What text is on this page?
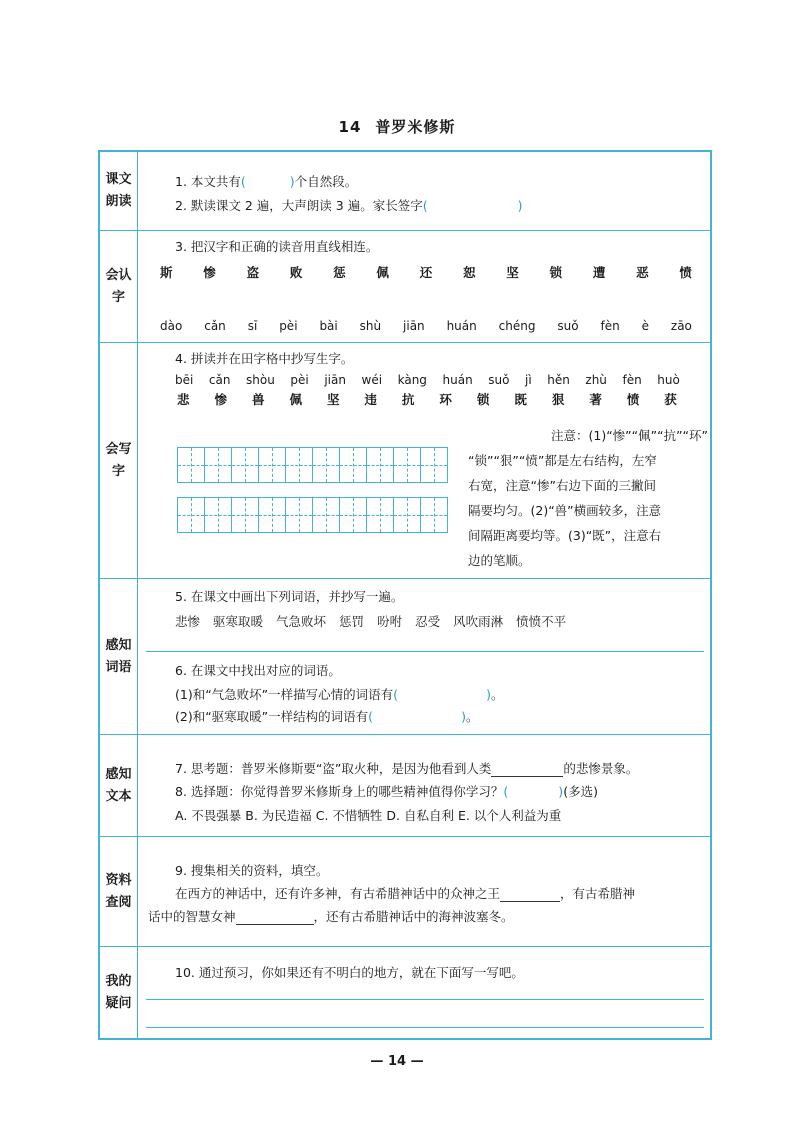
14 普罗米修斯
课文朗读
1. 本文共有(	)个自然段。
2. 默读课文 2 遍，大声朗读 3 遍。家长签字(	)
会认字
3. 把汉字和正确的读音用直线相连。
斯 惨 盗 败 惩 佩 还 恕 坚 锁 遭 恶 愤
dào cǎn sī pèi bài shù jiān huán chéng suǒ fèn è zāo
会写字
4. 拼读并在田字格中抄写生字。
bēi cǎn shòu pèi jiān wéi kàng huán suǒ jì hěn zhù fèn huò
悲 惨 兽 佩 坚 违 抗 环 锁 既 狠 著 愤 获
注意：(1)“惨”“佩”“抗”“环”
“锁”“狠”“愤”都是左右结构，左窄
右宽，注意“惨”右边下面的三撇间
隔要均匀。(2)“兽”横画较多，注意
间隔距离要均等。(3)“既”，注意右
边的笔顺。
感知词语
5. 在课文中画出下列词语，并抄写一遍。
悲惨 驱寒取暖 气急败坏 惩罚 吩咐 忍受 风吹雨淋 愤愤不平
6. 在课文中找出对应的词语。
(1)和“气急败坏”一样描写心情的词语有(	)。
(2)和“驱寒取暖”一样结构的词语有(	)。
感知文本
7. 思考题：普罗米修斯要“盗”取火种，是因为他看到人类	的悲惨景象。
8. 选择题：你觉得普罗米修斯身上的哪些精神值得你学习？(	)(多选)
A. 不畏强暴 B. 为民造福 C. 不惜牺牲 D. 自私自利 E. 以个人利益为重
资料查阅
9. 搜集相关的资料，填空。
在西方的神话中，还有许多神，有古希腊神话中的众神之王	，有古希腊神
话中的智慧女神	，还有古希腊神话中的海神波塞冬。
我的疑问
10. 通过预习，你如果还有不明白的地方，就在下面写一写吧。
— 14 —
